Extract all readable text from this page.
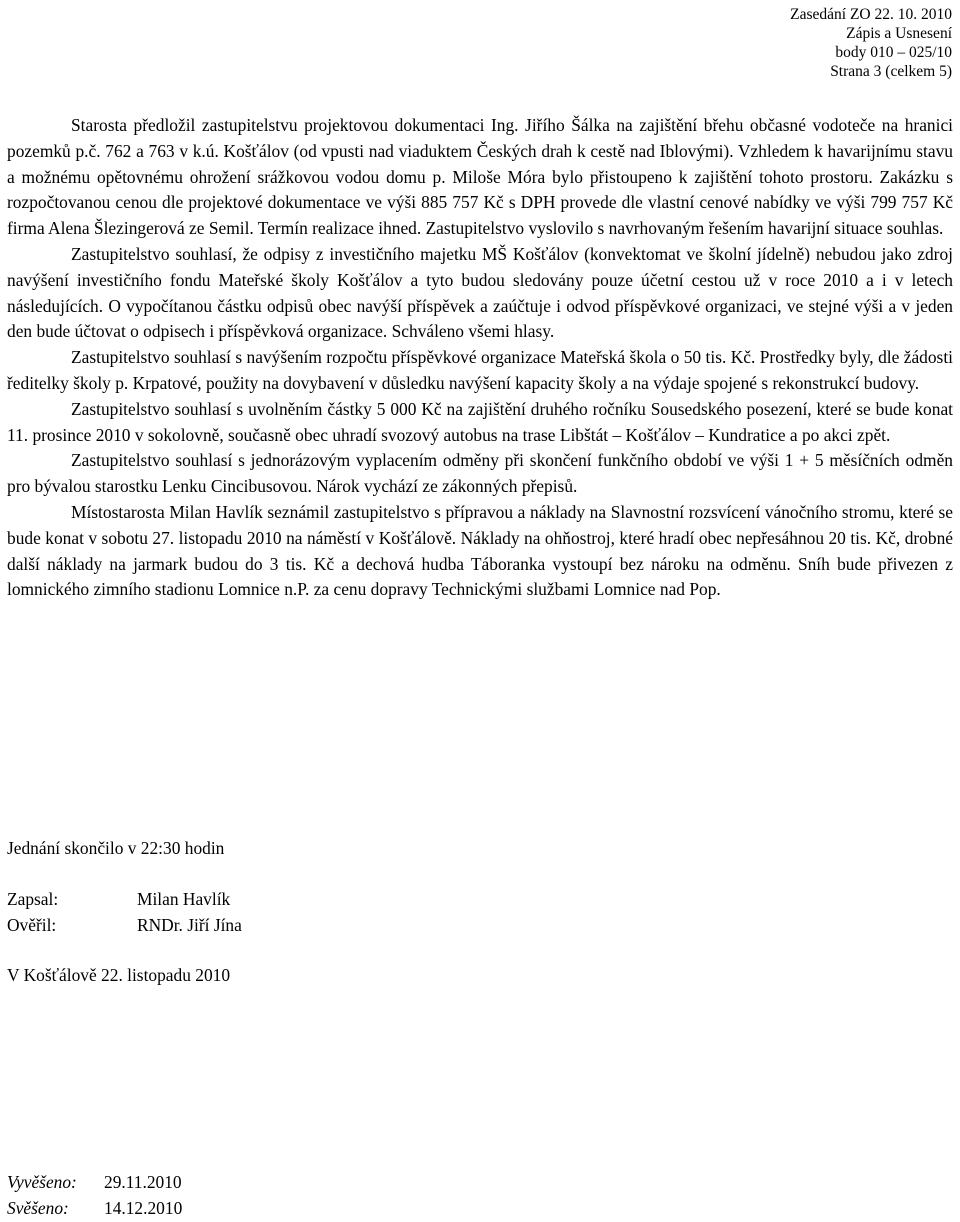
Zasedání ZO 22. 10. 2010
Zápis a Usnesení
body 010 – 025/10
Strana 3 (celkem 5)

Starosta předložil zastupitelstvu projektovou dokumentaci Ing. Jiřího Šálka na zajištění břehu občasné vodoteče na hranici pozemků p.č. 762 a 763 v k.ú. Košťálov (od vpusti nad viaduktem Českých drah k cestě nad Iblovými). Vzhledem k havarijnímu stavu a možnému opětovnému ohrožení srážkovou vodou domu p. Miloše Móra bylo přistoupeno k zajištění tohoto prostoru. Zakázku s rozpočtovanou cenou dle projektové dokumentace ve výši 885 757 Kč s DPH provede dle vlastní cenové nabídky ve výši 799 757 Kč firma Alena Šlezingerová ze Semil. Termín realizace ihned. Zastupitelstvo vyslovilo s navrhovaným řešením havarijní situace souhlas.

Zastupitelstvo souhlasí, že odpisy z investičního majetku MŠ Košťálov (konvektomat ve školní jídelně) nebudou jako zdroj navýšení investičního fondu Mateřské školy Košťálov a tyto budou sledovány pouze účetní cestou už v roce 2010 a i v letech následujících. O vypočítanou částku odpisů obec navýší příspěvek a zaúčtuje i odvod příspěvkové organizaci, ve stejné výši a v jeden den bude účtovat o odpisech i příspěvková organizace. Schváleno všemi hlasy.

Zastupitelstvo souhlasí s navýšením rozpočtu příspěvkové organizace Mateřská škola o 50 tis. Kč. Prostředky byly, dle žádosti ředitelky školy p. Krpatové, použity na dovybavení v důsledku navýšení kapacity školy a na výdaje spojené s rekonstrukcí budovy.

Zastupitelstvo souhlasí s uvolněním částky 5 000 Kč na zajištění druhého ročníku Sousedského posezení, které se bude konat 11. prosince 2010 v sokolovně, současně obec uhradí svozový autobus na trase Libštát – Košťálov – Kundratice a po akci zpět.

Zastupitelstvo souhlasí s jednorázovým vyplacením odměny při skončení funkčního období ve výši 1 + 5 měsíčních odměn pro bývalou starostku Lenku Cincibusovou. Nárok vychází ze zákonných přepisů.

Místostarosta Milan Havlík seznámil zastupitelstvo s přípravou a náklady na Slavnostní rozsvícení vánočního stromu, které se bude konat v sobotu 27. listopadu 2010 na náměstí v Košťálově. Náklady na ohňostroj, které hradí obec nepřesáhnou 20 tis. Kč, drobné další náklady na jarmark budou do 3 tis. Kč a dechová hudba Táboranka vystoupí bez nároku na odměnu. Sníh bude přivezen z lomnického zimního stadionu Lomnice n.P. za cenu dopravy Technickými službami Lomnice nad Pop.

Jednání skončilo v 22:30 hodin
Zapsal:	Milan Havlík
Ověřil:	RNDr. Jiří Jína
V Košťálově 22. listopadu 2010
Vyvěšeno:	29.11.2010
Svěšeno:	14.12.2010
